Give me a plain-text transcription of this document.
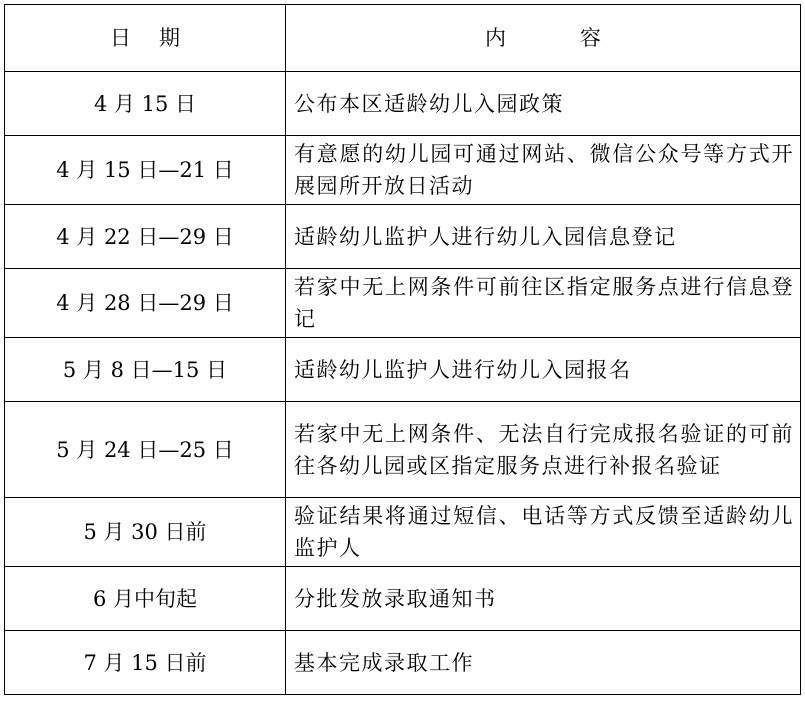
日期	内容
4 月 15 日	公布本区适龄幼儿入园政策
4 月 15 日—21 日	有意愿的幼儿园可通过网站、微信公众号等方式开展园所开放日活动
4 月 22 日—29 日	适龄幼儿监护人进行幼儿入园信息登记
4 月 28 日—29 日	若家中无上网条件可前往区指定服务点进行信息登记
5 月 8 日—15 日	适龄幼儿监护人进行幼儿入园报名
5 月 24 日—25 日	若家中无上网条件、无法自行完成报名验证的可前往各幼儿园或区指定服务点进行补报名验证
5 月 30 日前	验证结果将通过短信、电话等方式反馈至适龄幼儿监护人
6 月中旬起	分批发放录取通知书
7 月 15 日前	基本完成录取工作
